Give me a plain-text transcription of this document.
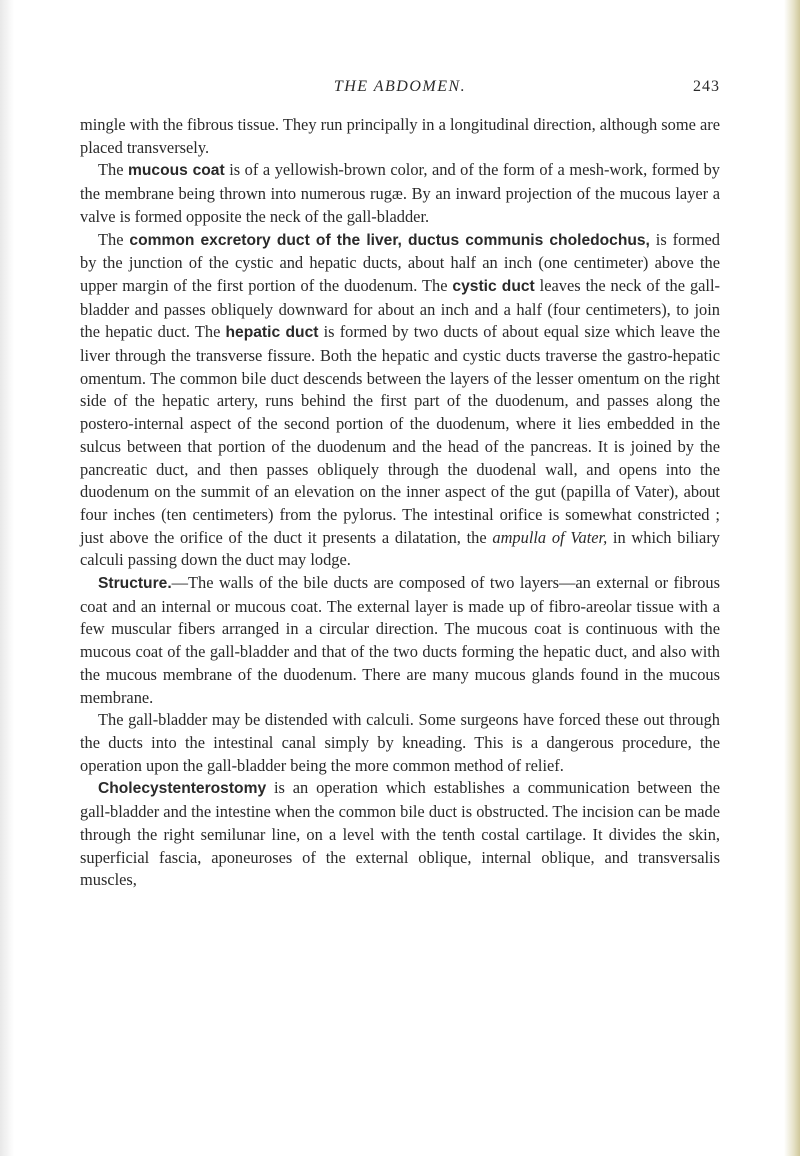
THE ABDOMEN.	243

mingle with the fibrous tissue. They run principally in a longitudinal direction, although some are placed transversely.

The mucous coat is of a yellowish-brown color, and of the form of a mesh-work, formed by the membrane being thrown into numerous rugæ. By an inward projection of the mucous layer a valve is formed opposite the neck of the gall-bladder.

The common excretory duct of the liver, ductus communis choledochus, is formed by the junction of the cystic and hepatic ducts, about half an inch (one centimeter) above the upper margin of the first portion of the duodenum. The cystic duct leaves the neck of the gall-bladder and passes obliquely downward for about an inch and a half (four centimeters), to join the hepatic duct. The hepatic duct is formed by two ducts of about equal size which leave the liver through the transverse fissure. Both the hepatic and cystic ducts traverse the gastro-hepatic omentum. The common bile duct descends between the layers of the lesser omentum on the right side of the hepatic artery, runs behind the first part of the duodenum, and passes along the postero-internal aspect of the second portion of the duodenum, where it lies embedded in the sulcus between that portion of the duodenum and the head of the pancreas. It is joined by the pancreatic duct, and then passes obliquely through the duodenal wall, and opens into the duodenum on the summit of an elevation on the inner aspect of the gut (papilla of Vater), about four inches (ten centimeters) from the pylorus. The intestinal orifice is somewhat constricted ; just above the orifice of the duct it presents a dilatation, the ampulla of Vater, in which biliary calculi passing down the duct may lodge.

Structure.—The walls of the bile ducts are composed of two layers—an external or fibrous coat and an internal or mucous coat. The external layer is made up of fibro-areolar tissue with a few muscular fibers arranged in a circular direction. The mucous coat is continuous with the mucous coat of the gall-bladder and that of the two ducts forming the hepatic duct, and also with the mucous membrane of the duodenum. There are many mucous glands found in the mucous membrane.

The gall-bladder may be distended with calculi. Some surgeons have forced these out through the ducts into the intestinal canal simply by kneading. This is a dangerous procedure, the operation upon the gall-bladder being the more common method of relief.

Cholecystenterostomy is an operation which establishes a communication between the gall-bladder and the intestine when the common bile duct is obstructed. The incision can be made through the right semilunar line, on a level with the tenth costal cartilage. It divides the skin, superficial fascia, aponeuroses of the external oblique, internal oblique, and transversalis muscles,
